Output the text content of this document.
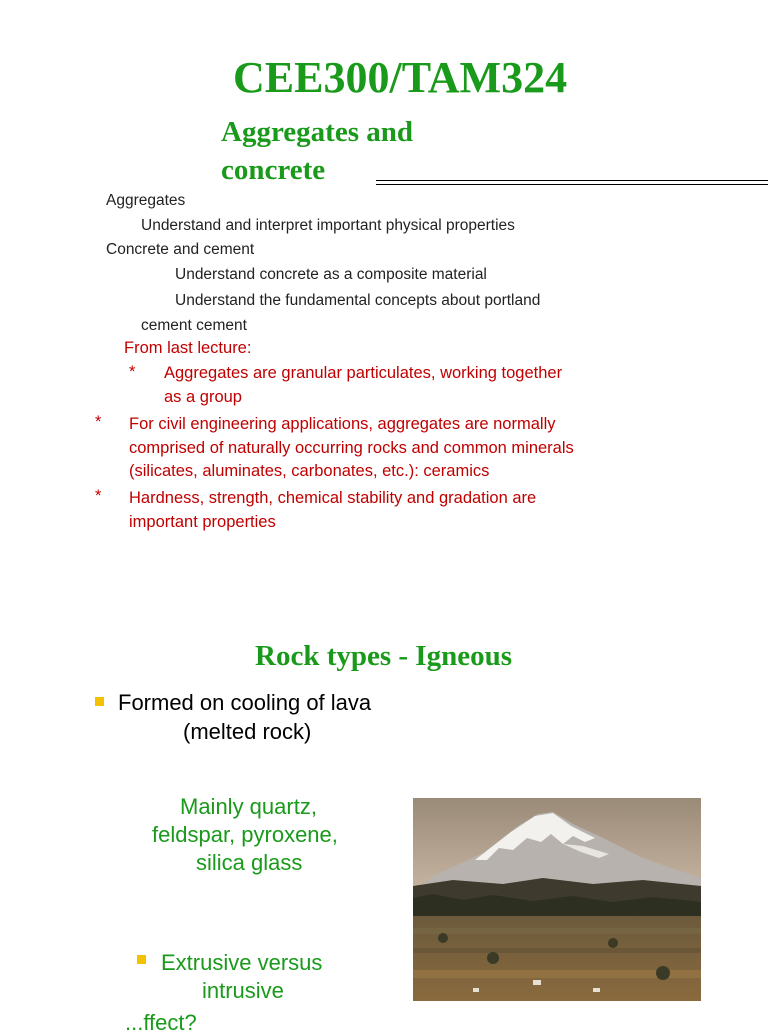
CEE300/TAM324
Aggregates and
concrete
Aggregates
Understand and interpret important physical properties
Concrete and cement
Understand concrete as a composite material
Understand the fundamental concepts about portland
cement cement
From last lecture:
* Aggregates are granular particulates, working together
as a group
* For civil engineering applications, aggregates are normally
comprised of naturally occurring rocks and common minerals
(silicates, aluminates, carbonates, etc.): ceramics
* Hardness, strength, chemical stability and gradation are
important properties
Rock types - Igneous
Formed on cooling of lava
(melted rock)
Mainly quartz,
feldspar, pyroxene,
silica glass
Extrusive versus
intrusive
...ffect?
